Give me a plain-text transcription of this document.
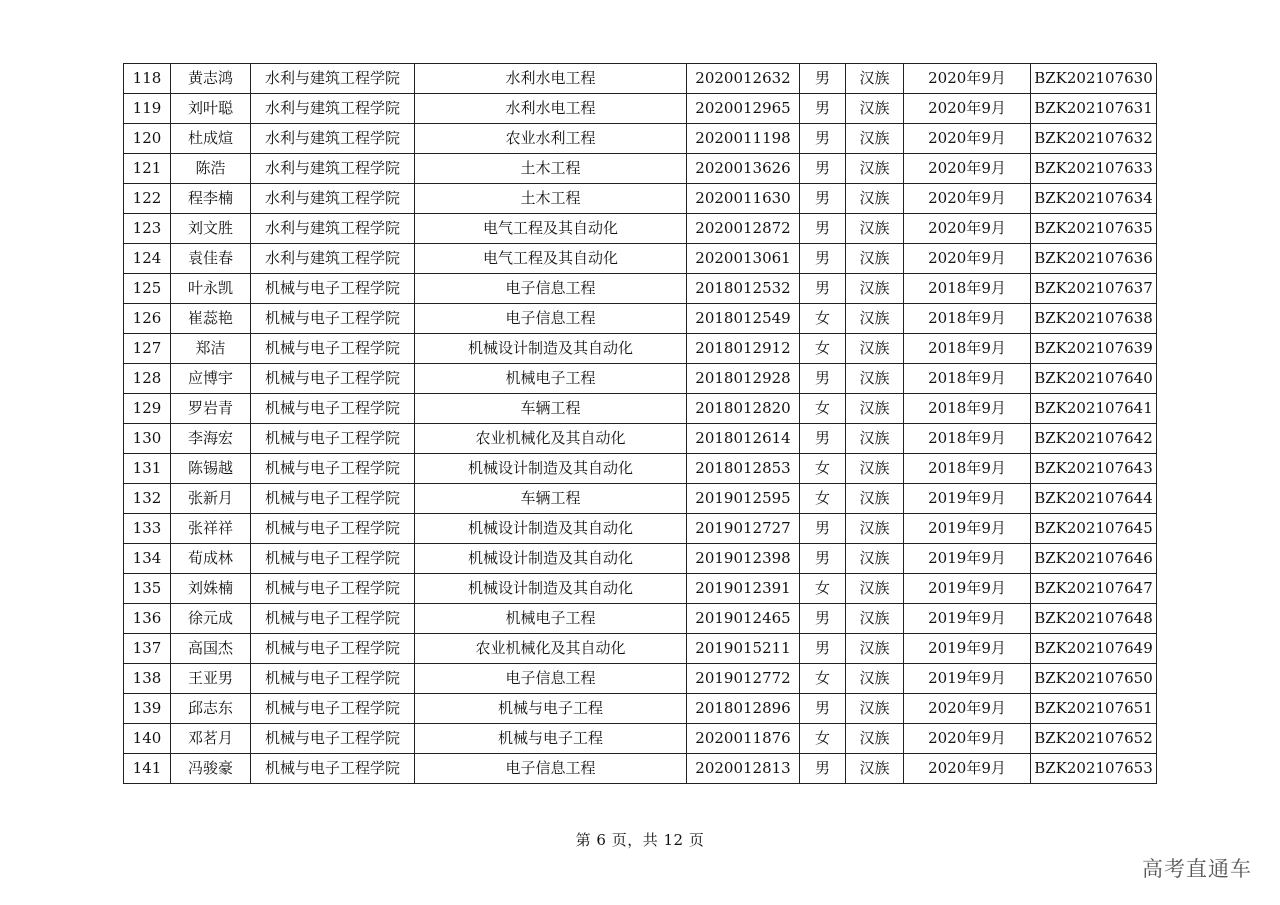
118	黄志鸿	水利与建筑工程学院	水利水电工程	2020012632	男	汉族	2020年9月	BZK202107630
119	刘叶聪	水利与建筑工程学院	水利水电工程	2020012965	男	汉族	2020年9月	BZK202107631
120	杜成煊	水利与建筑工程学院	农业水利工程	2020011198	男	汉族	2020年9月	BZK202107632
121	陈浩	水利与建筑工程学院	土木工程	2020013626	男	汉族	2020年9月	BZK202107633
122	程李楠	水利与建筑工程学院	土木工程	2020011630	男	汉族	2020年9月	BZK202107634
123	刘文胜	水利与建筑工程学院	电气工程及其自动化	2020012872	男	汉族	2020年9月	BZK202107635
124	袁佳春	水利与建筑工程学院	电气工程及其自动化	2020013061	男	汉族	2020年9月	BZK202107636
125	叶永凯	机械与电子工程学院	电子信息工程	2018012532	男	汉族	2018年9月	BZK202107637
126	崔蕊艳	机械与电子工程学院	电子信息工程	2018012549	女	汉族	2018年9月	BZK202107638
127	郑洁	机械与电子工程学院	机械设计制造及其自动化	2018012912	女	汉族	2018年9月	BZK202107639
128	应博宇	机械与电子工程学院	机械电子工程	2018012928	男	汉族	2018年9月	BZK202107640
129	罗岩青	机械与电子工程学院	车辆工程	2018012820	女	汉族	2018年9月	BZK202107641
130	李海宏	机械与电子工程学院	农业机械化及其自动化	2018012614	男	汉族	2018年9月	BZK202107642
131	陈锡越	机械与电子工程学院	机械设计制造及其自动化	2018012853	女	汉族	2018年9月	BZK202107643
132	张新月	机械与电子工程学院	车辆工程	2019012595	女	汉族	2019年9月	BZK202107644
133	张祥祥	机械与电子工程学院	机械设计制造及其自动化	2019012727	男	汉族	2019年9月	BZK202107645
134	荀成林	机械与电子工程学院	机械设计制造及其自动化	2019012398	男	汉族	2019年9月	BZK202107646
135	刘姝楠	机械与电子工程学院	机械设计制造及其自动化	2019012391	女	汉族	2019年9月	BZK202107647
136	徐元成	机械与电子工程学院	机械电子工程	2019012465	男	汉族	2019年9月	BZK202107648
137	高国杰	机械与电子工程学院	农业机械化及其自动化	2019015211	男	汉族	2019年9月	BZK202107649
138	王亚男	机械与电子工程学院	电子信息工程	2019012772	女	汉族	2019年9月	BZK202107650
139	邱志东	机械与电子工程学院	机械与电子工程	2018012896	男	汉族	2020年9月	BZK202107651
140	邓茗月	机械与电子工程学院	机械与电子工程	2020011876	女	汉族	2020年9月	BZK202107652
141	冯骏豪	机械与电子工程学院	电子信息工程	2020012813	男	汉族	2020年9月	BZK202107653
第 6 页，共 12 页
高考直通车
